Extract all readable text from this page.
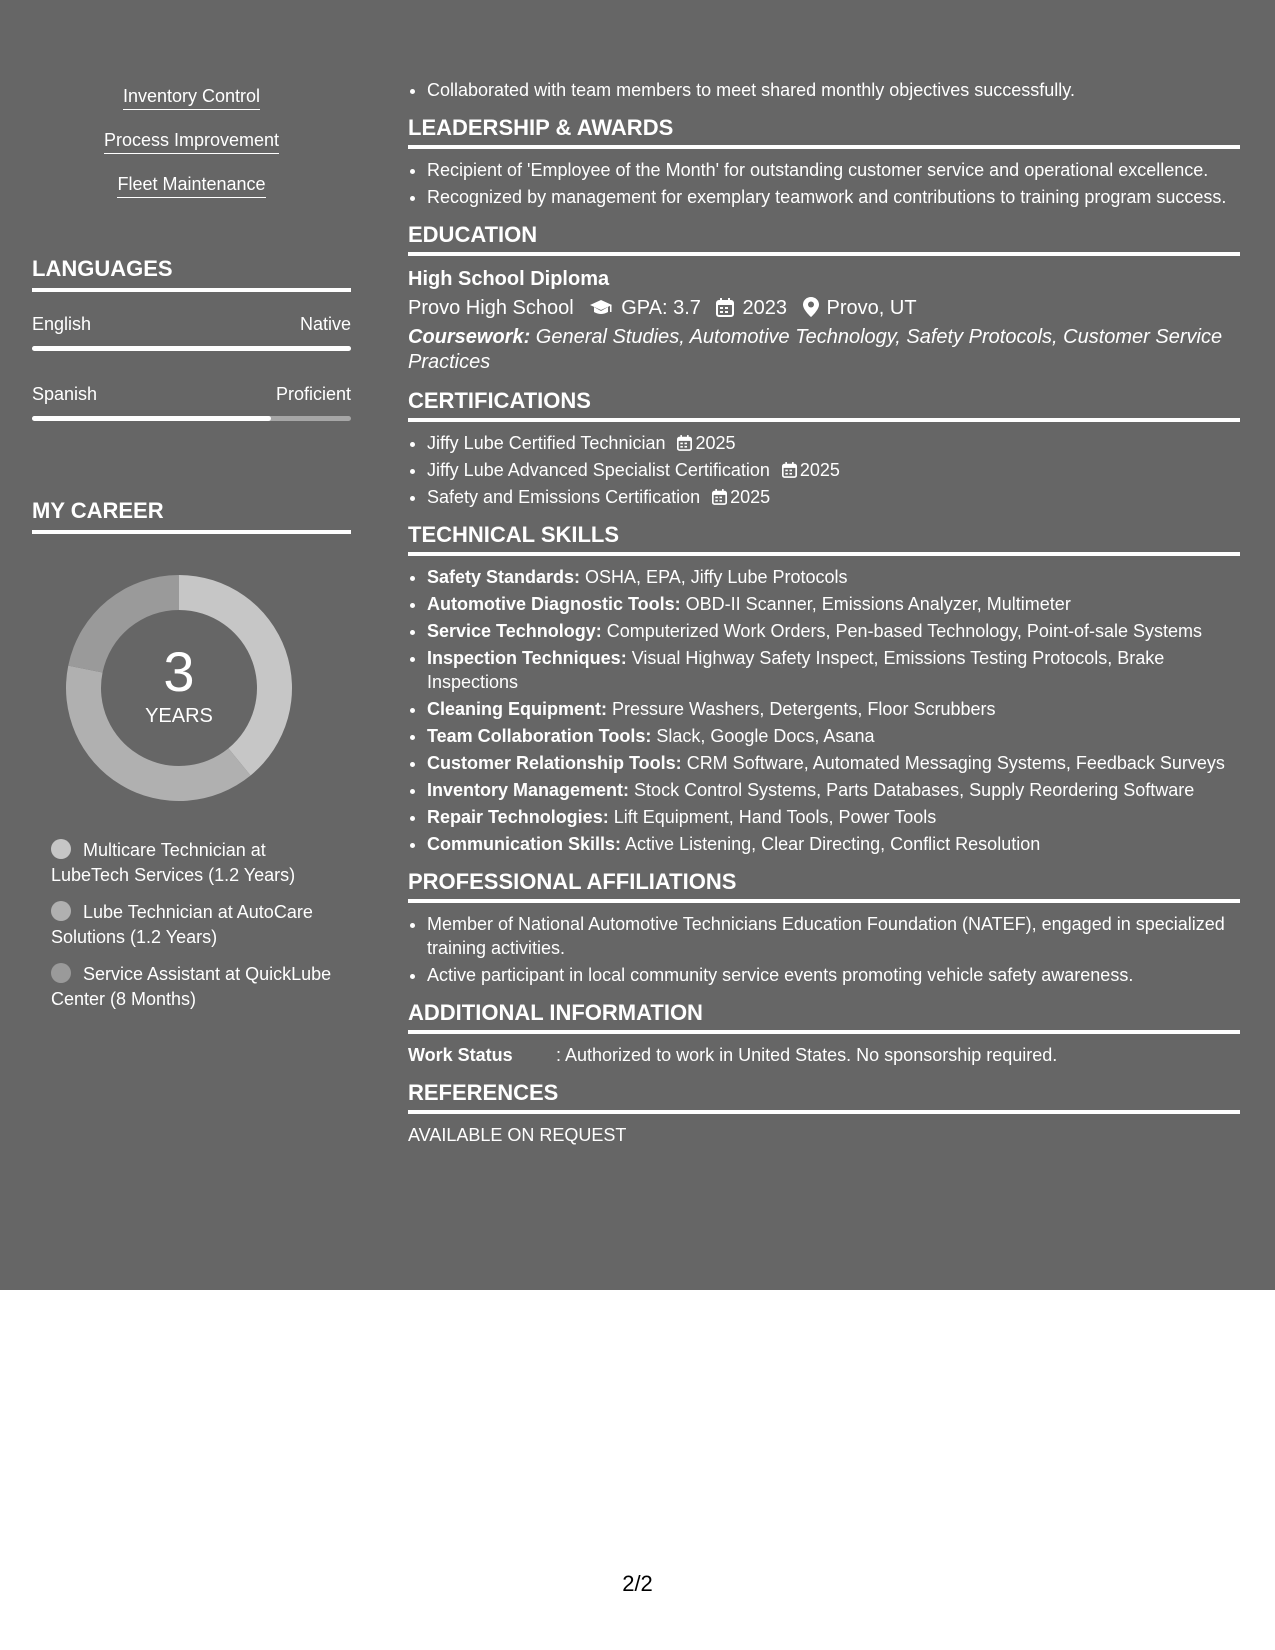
Inventory Control
Process Improvement
Fleet Maintenance
LANGUAGES
English	Native
Spanish	Proficient
MY CAREER
3
YEARS
Multicare Technician at LubeTech Services (1.2 Years)
Lube Technician at AutoCare Solutions (1.2 Years)
Service Assistant at QuickLube Center (8 Months)
• Collaborated with team members to meet shared monthly objectives successfully.
LEADERSHIP & AWARDS
• Recipient of 'Employee of the Month' for outstanding customer service and operational excellence.
• Recognized by management for exemplary teamwork and contributions to training program success.
EDUCATION
High School Diploma
Provo High School GPA: 3.7 2023 Provo, UT
Coursework: General Studies, Automotive Technology, Safety Protocols, Customer Service Practices
CERTIFICATIONS
• Jiffy Lube Certified Technician 2025
• Jiffy Lube Advanced Specialist Certification 2025
• Safety and Emissions Certification 2025
TECHNICAL SKILLS
• Safety Standards: OSHA, EPA, Jiffy Lube Protocols
• Automotive Diagnostic Tools: OBD-II Scanner, Emissions Analyzer, Multimeter
• Service Technology: Computerized Work Orders, Pen-based Technology, Point-of-sale Systems
• Inspection Techniques: Visual Highway Safety Inspect, Emissions Testing Protocols, Brake Inspections
• Cleaning Equipment: Pressure Washers, Detergents, Floor Scrubbers
• Team Collaboration Tools: Slack, Google Docs, Asana
• Customer Relationship Tools: CRM Software, Automated Messaging Systems, Feedback Surveys
• Inventory Management: Stock Control Systems, Parts Databases, Supply Reordering Software
• Repair Technologies: Lift Equipment, Hand Tools, Power Tools
• Communication Skills: Active Listening, Clear Directing, Conflict Resolution
PROFESSIONAL AFFILIATIONS
• Member of National Automotive Technicians Education Foundation (NATEF), engaged in specialized training activities.
• Active participant in local community service events promoting vehicle safety awareness.
ADDITIONAL INFORMATION
Work Status : Authorized to work in United States. No sponsorship required.
REFERENCES
AVAILABLE ON REQUEST
2/2
